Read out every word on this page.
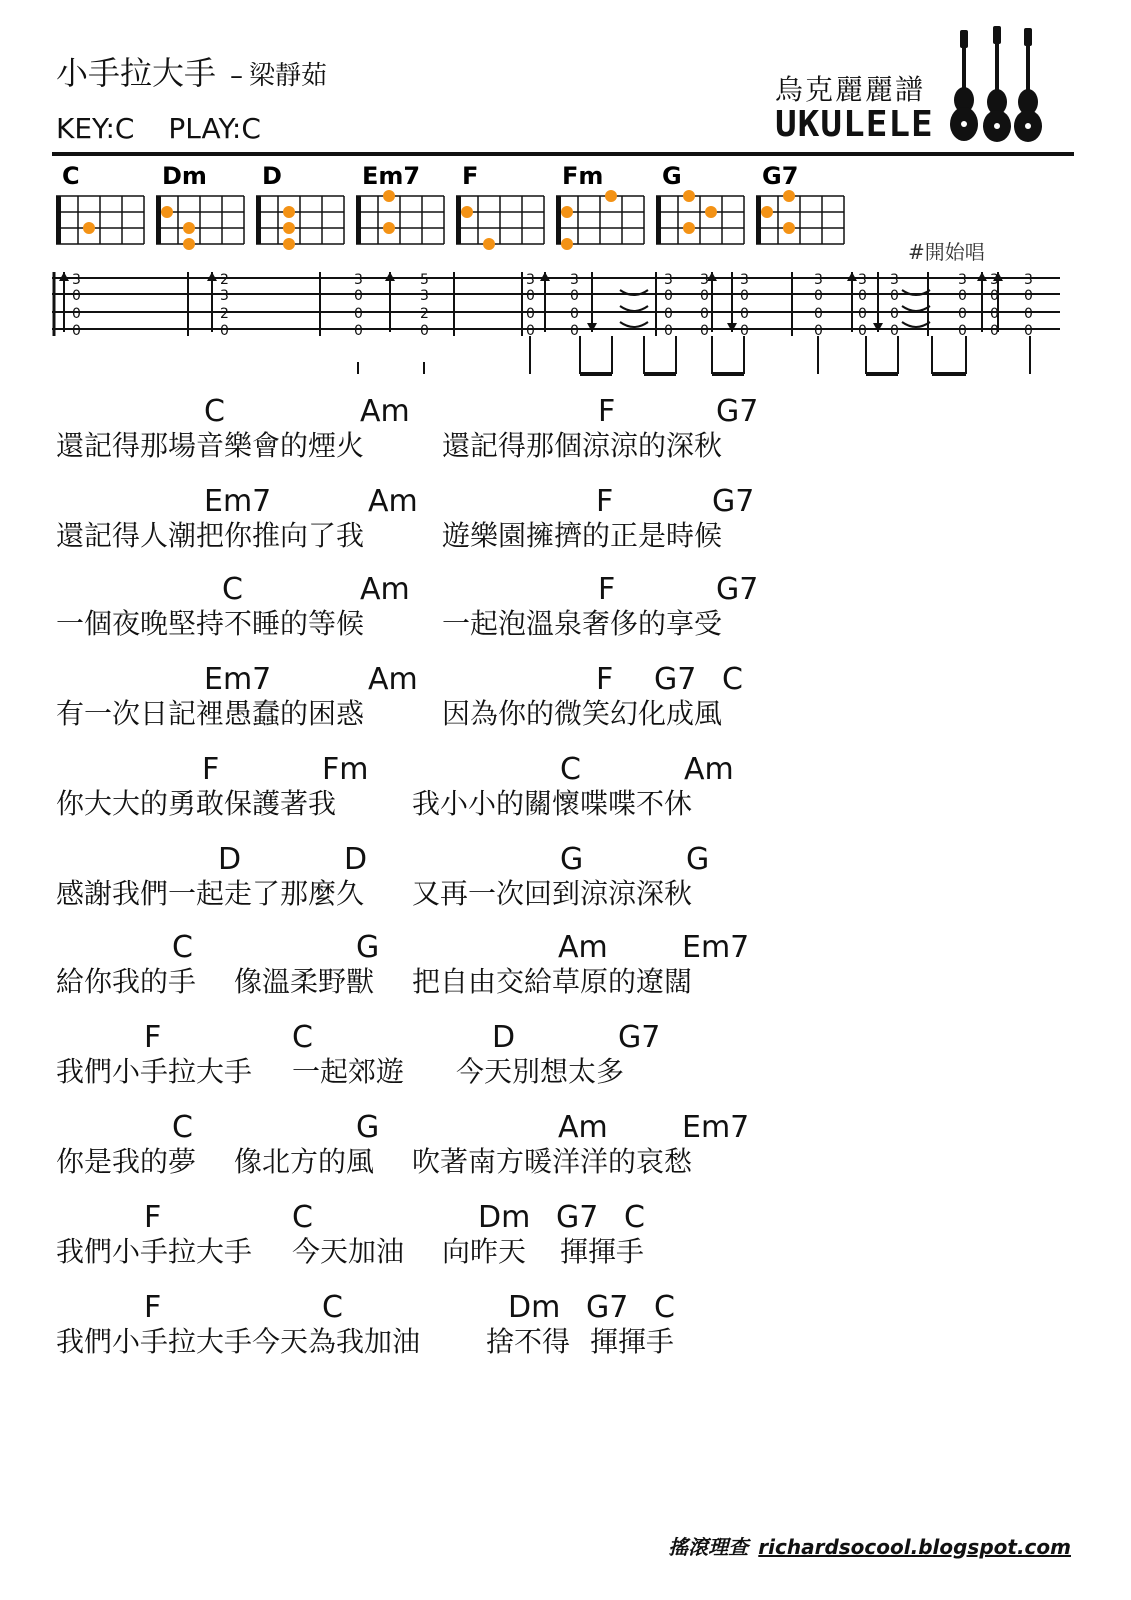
小手拉大手 – 梁靜茹
KEY:C PLAY:C
烏克麗麗譜
UKULELE
C	Dm D	Em7 F	Fm G	G7
#開始唱
3
0
0
0
2
3
2
0
3
0
0
0
5
3
2
0
3
0
0
0
3
0
0
0
3
0
0
0
3
0
0
0
3
0
0
0
3
0
0
0
3
0
0
0
3
0
0
0
3
0
0
0
3
0
0
0
3
0
0
0
C	Am	F	G7
還記得那場音樂會的煙火	還記得那個涼涼的深秋
Em7	Am	F	G7
還記得人潮把你推向了我	遊樂園擁擠的正是時候
C	Am	F	G7
一個夜晚堅持不睡的等候	一起泡溫泉奢侈的享受
Em7	Am	F G7 C
有一次日記裡愚蠢的困惑	因為你的微笑幻化成風
F	Fm	C	Am
你大大的勇敢保護著我	我小小的關懷喋喋不休
D	D	G	G
感謝我們一起走了那麼久 又再一次回到涼涼深秋
C	G	Am Em7
給你我的手 像溫柔野獸 把自由交給草原的遼闊
F	C	D	G7
我們小手拉大手 一起郊遊 今天別想太多
C	G	Am Em7
你是我的夢 像北方的風 吹著南方暖洋洋的哀愁
F	C	Dm G7 C
我們小手拉大手 今天加油 向昨天 揮揮手
F	C	Dm G7 C
我們小手拉大手今天為我加油 捨不得 揮揮手
搖滾理查 richardsocool.blogspot.com
